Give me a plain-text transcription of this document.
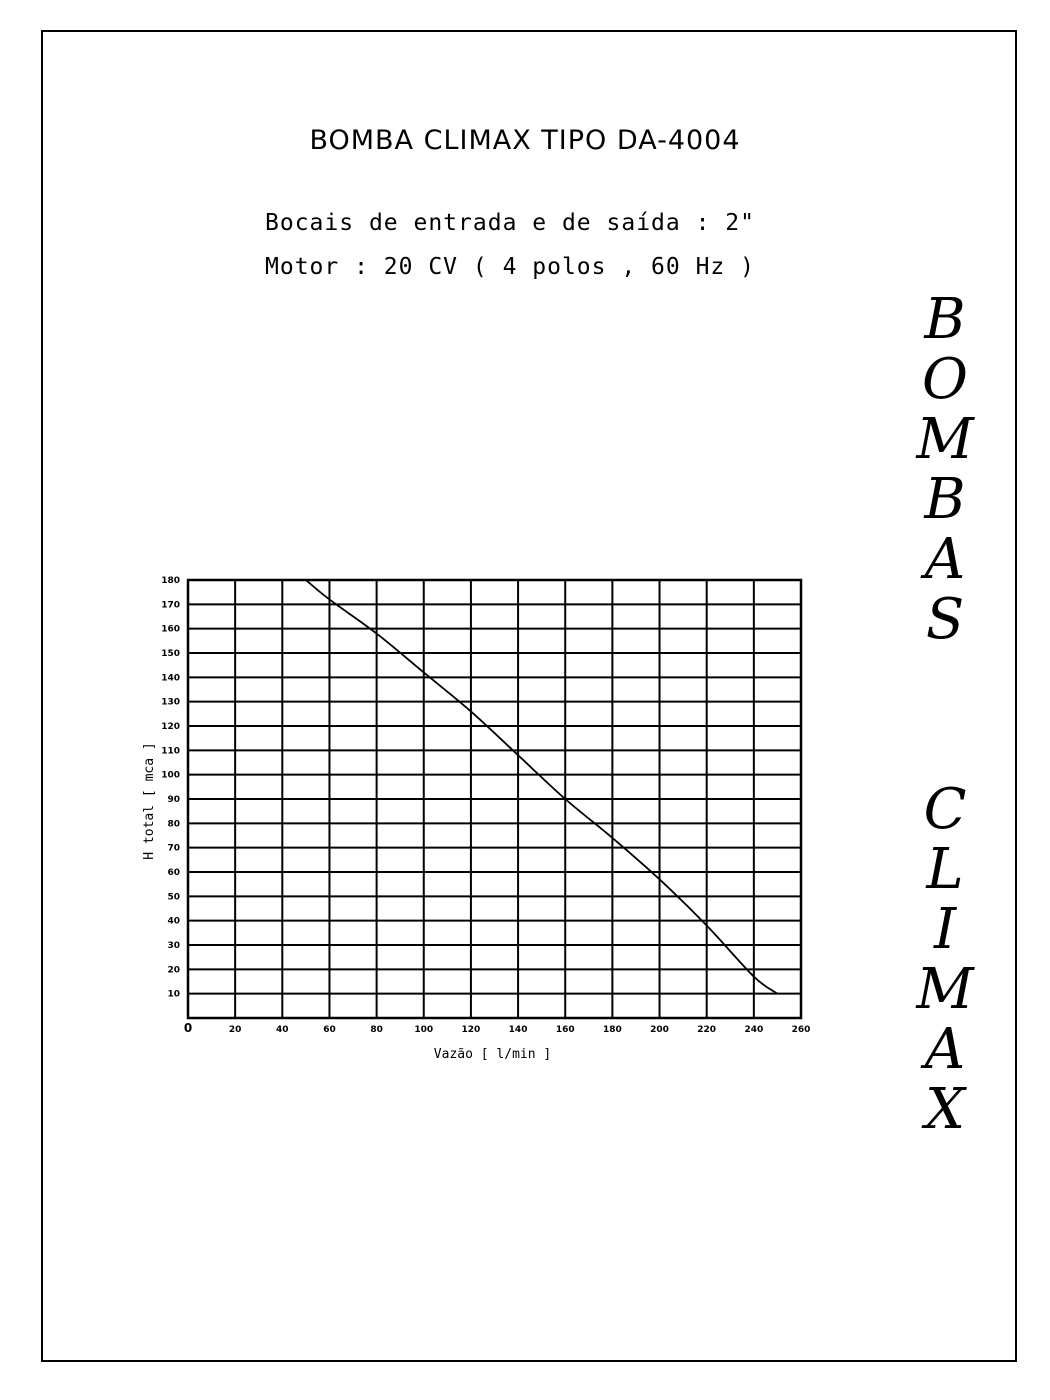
BOMBA CLIMAX TIPO DA-4004
Bocais de entrada e de saída : 2"
Motor : 20 CV ( 4 polos , 60 Hz )
B
O
M
B
A
S
C
L
I
M
A
X
0	20	40	60	80	100	120	140	160	180	200	220	240	260
10
20
30
40
50
60
70
80
90
100
110
120
130
140
150
160
170
180
Vazão [ l/min ]
H total [ mca ]
